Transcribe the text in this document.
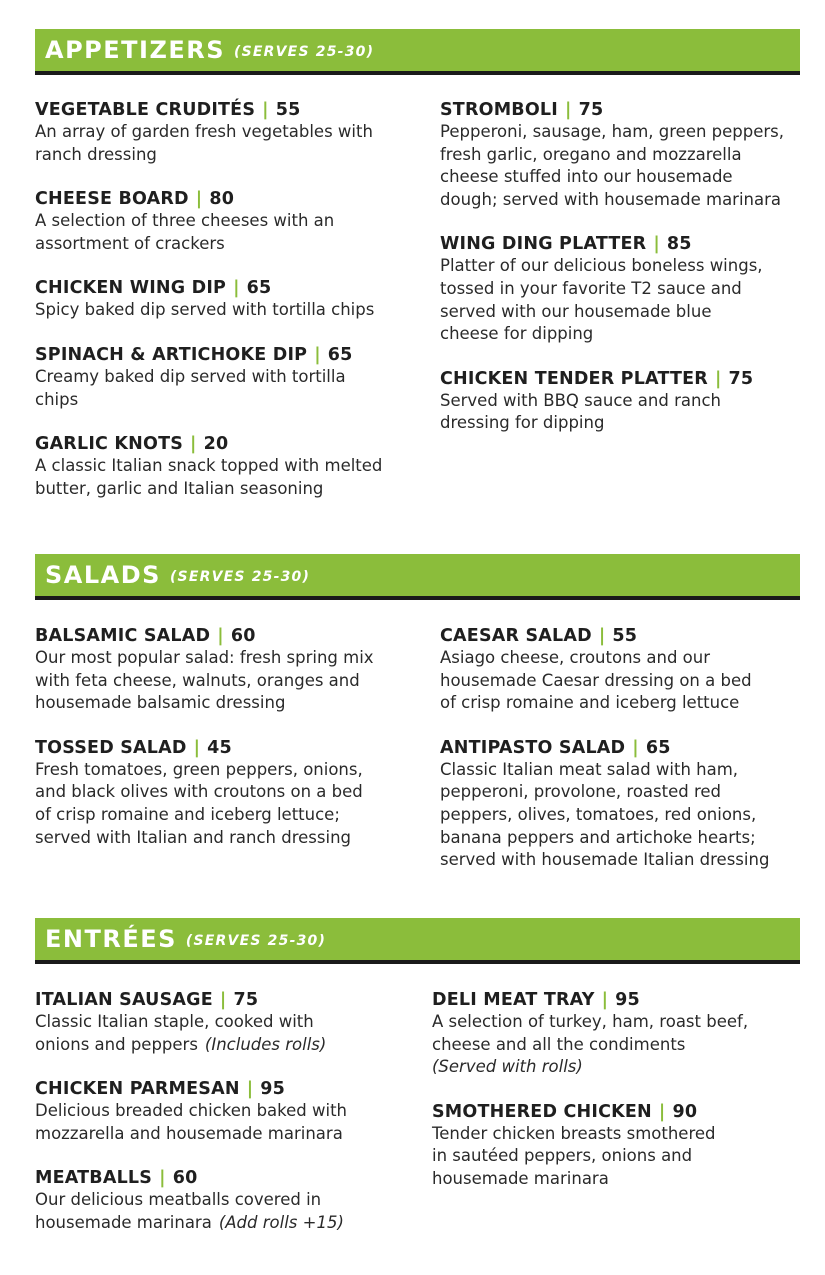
APPETIZERS (SERVES 25-30)
VEGETABLE CRUDITÉS | 55
An array of garden fresh vegetables with
ranch dressing
CHEESE BOARD | 80
A selection of three cheeses with an
assortment of crackers
CHICKEN WING DIP | 65
Spicy baked dip served with tortilla chips
SPINACH & ARTICHOKE DIP | 65
Creamy baked dip served with tortilla
chips
GARLIC KNOTS | 20
A classic Italian snack topped with melted
butter, garlic and Italian seasoning
STROMBOLI | 75
Pepperoni, sausage, ham, green peppers,
fresh garlic, oregano and mozzarella
cheese stuffed into our housemade
dough; served with housemade marinara
WING DING PLATTER | 85
Platter of our delicious boneless wings,
tossed in your favorite T2 sauce and
served with our housemade blue
cheese for dipping
CHICKEN TENDER PLATTER | 75
Served with BBQ sauce and ranch
dressing for dipping
SALADS (SERVES 25-30)
BALSAMIC SALAD | 60
Our most popular salad: fresh spring mix
with feta cheese, walnuts, oranges and
housemade balsamic dressing
TOSSED SALAD | 45
Fresh tomatoes, green peppers, onions,
and black olives with croutons on a bed
of crisp romaine and iceberg lettuce;
served with Italian and ranch dressing
CAESAR SALAD | 55
Asiago cheese, croutons and our
housemade Caesar dressing on a bed
of crisp romaine and iceberg lettuce
ANTIPASTO SALAD | 65
Classic Italian meat salad with ham,
pepperoni, provolone, roasted red
peppers, olives, tomatoes, red onions,
banana peppers and artichoke hearts;
served with housemade Italian dressing
ENTRÉES (SERVES 25-30)
ITALIAN SAUSAGE | 75
Classic Italian staple, cooked with
onions and peppers (Includes rolls)
CHICKEN PARMESAN | 95
Delicious breaded chicken baked with
mozzarella and housemade marinara
MEATBALLS | 60
Our delicious meatballs covered in
housemade marinara (Add rolls +15)
DELI MEAT TRAY | 95
A selection of turkey, ham, roast beef,
cheese and all the condiments
(Served with rolls)
SMOTHERED CHICKEN | 90
Tender chicken breasts smothered
in sautéed peppers, onions and
housemade marinara
